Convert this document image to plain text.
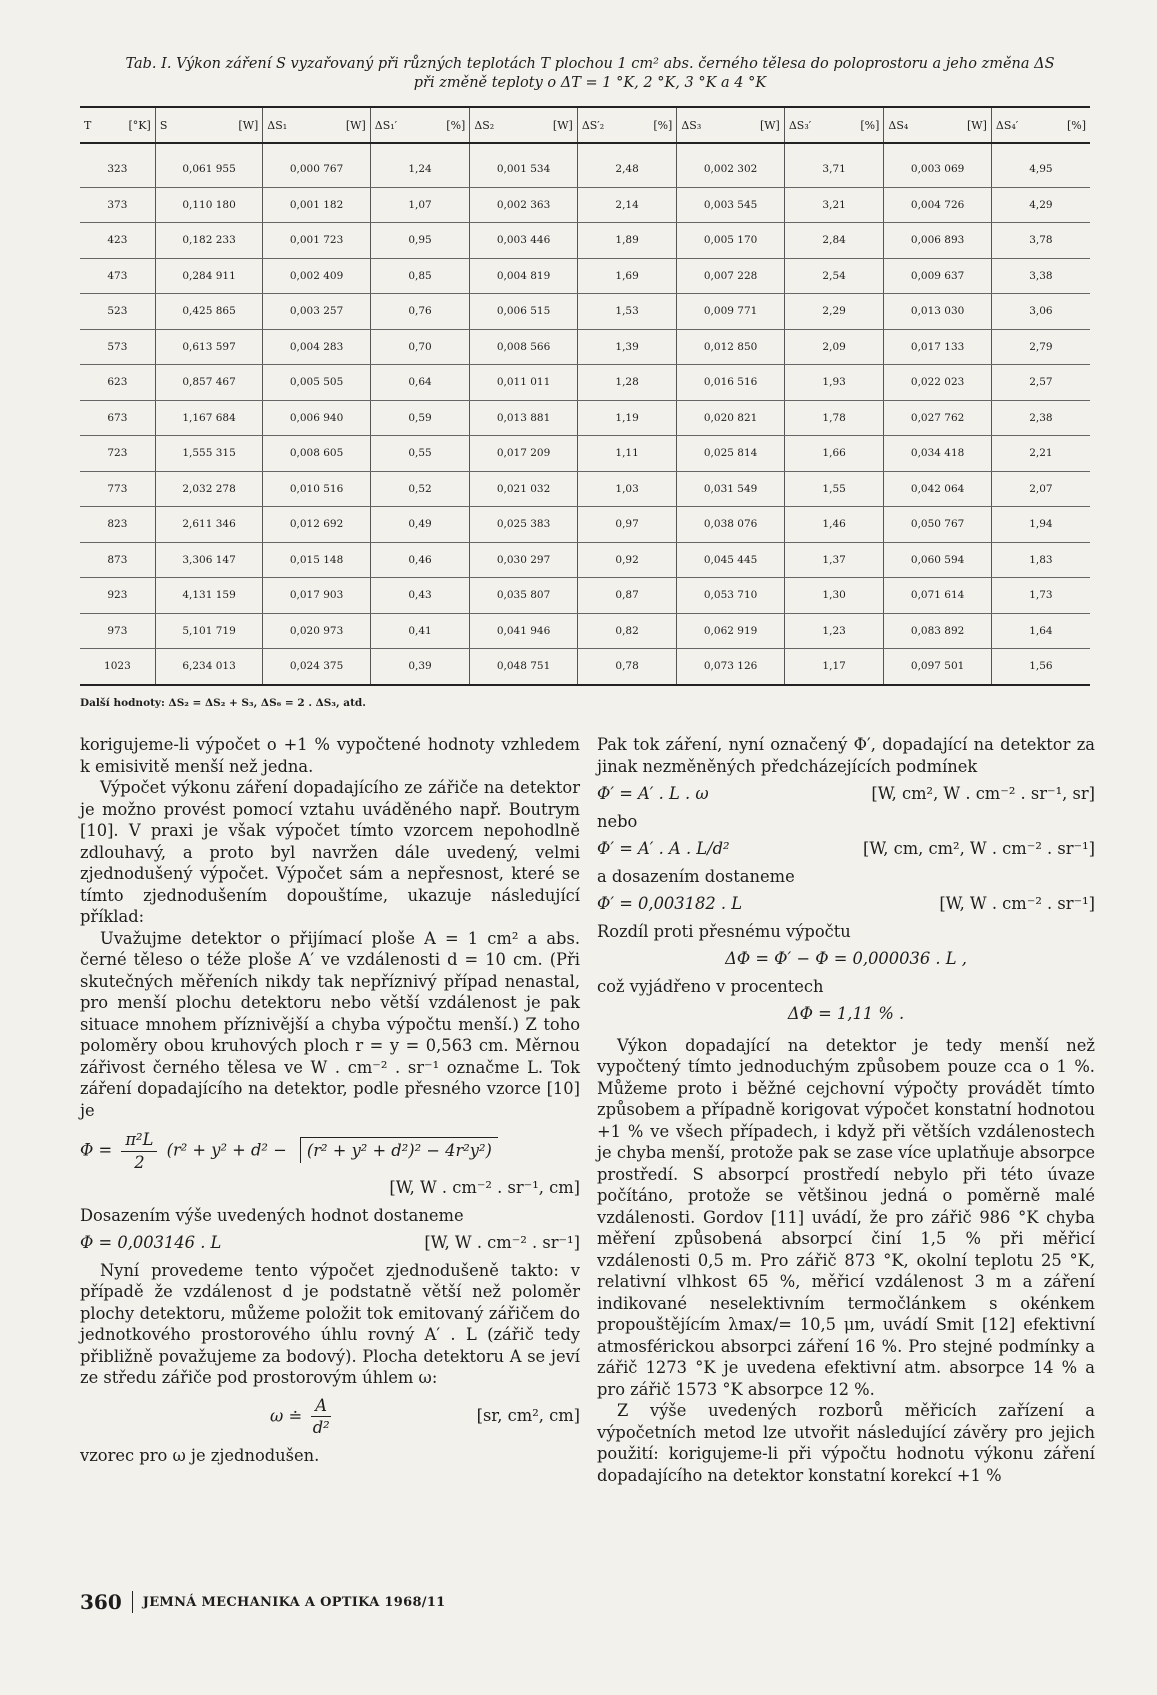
Tab. I. Výkon záření S vyzařovaný při různých teplotách T plochou 1 cm² abs. černého tělesa do poloprostoru a jeho změna ΔS
při změně teploty o ΔT = 1 °K, 2 °K, 3 °K a 4 °K
T [°K]	S [W]	ΔS₁ [W]	ΔS₁′ [%]	ΔS₂ [W]	ΔS′₂ [%]	ΔS₃ [W]	ΔS₃′ [%]	ΔS₄ [W]	ΔS₄′ [%]

323	0,061 955	0,000 767	1,24	0,001 534	2,48	0,002 302	3,71	0,003 069	4,95
373	0,110 180	0,001 182	1,07	0,002 363	2,14	0,003 545	3,21	0,004 726	4,29
423	0,182 233	0,001 723	0,95	0,003 446	1,89	0,005 170	2,84	0,006 893	3,78
473	0,284 911	0,002 409	0,85	0,004 819	1,69	0,007 228	2,54	0,009 637	3,38
523	0,425 865	0,003 257	0,76	0,006 515	1,53	0,009 771	2,29	0,013 030	3,06
573	0,613 597	0,004 283	0,70	0,008 566	1,39	0,012 850	2,09	0,017 133	2,79
623	0,857 467	0,005 505	0,64	0,011 011	1,28	0,016 516	1,93	0,022 023	2,57
673	1,167 684	0,006 940	0,59	0,013 881	1,19	0,020 821	1,78	0,027 762	2,38
723	1,555 315	0,008 605	0,55	0,017 209	1,11	0,025 814	1,66	0,034 418	2,21
773	2,032 278	0,010 516	0,52	0,021 032	1,03	0,031 549	1,55	0,042 064	2,07
823	2,611 346	0,012 692	0,49	0,025 383	0,97	0,038 076	1,46	0,050 767	1,94
873	3,306 147	0,015 148	0,46	0,030 297	0,92	0,045 445	1,37	0,060 594	1,83
923	4,131 159	0,017 903	0,43	0,035 807	0,87	0,053 710	1,30	0,071 614	1,73
973	5,101 719	0,020 973	0,41	0,041 946	0,82	0,062 919	1,23	0,083 892	1,64
1023	6,234 013	0,024 375	0,39	0,048 751	0,78	0,073 126	1,17	0,097 501	1,56
Další hodnoty: ΔS₂ = ΔS₂ + S₃, ΔS₆ = 2 . ΔS₃, atd.

korigujeme-li výpočet o +1 % vypočtené hodnoty vzhledem k emisivitě menší než jedna.

Výpočet výkonu záření dopadajícího ze zářiče na detektor je možno provést pomocí vztahu uváděného např. Boutrym [10]. V praxi je však výpočet tímto vzorcem nepohodlně zdlouhavý, a proto byl navržen dále uvedený, velmi zjednodušený výpočet. Výpočet sám a nepřesnost, které se tímto zjednodušením dopouštíme, ukazuje následující příklad:

Uvažujme detektor o přijímací ploše A = 1 cm² a abs. černé těleso o téže ploše A′ ve vzdálenosti d = 10 cm. (Při skutečných měřeních nikdy tak nepříznivý případ nenastal, pro menší plochu detektoru nebo větší vzdálenost je pak situace mnohem příznivější a chyba výpočtu menší.) Z toho poloměry obou kruhových ploch r = y = 0,563 cm. Měrnou zářivost černého tělesa ve W . cm⁻² . sr⁻¹ označme L. Tok záření dopadajícího na detektor, podle přesného vzorce [10] je

$\Phi = \frac{\text{π²L}}{2} (r^2 + y^2 + d^2 - (r^2 + y^2 + d^2)^2 - 4r^2y^2)$
[W, W . cm⁻² . sr⁻¹, cm]

Dosazením výše uvedených hodnot dostaneme

Φ = 0,003146 . L	[W, W . cm⁻² . sr⁻¹]

Nyní provedeme tento výpočet zjednodušeně takto: v případě že vzdálenost d je podstatně větší než poloměr plochy detektoru, můžeme položit tok emitovaný zářičem do jednotkového prostorového úhlu rovný A′ . L (zářič tedy přibližně považujeme za bodový). Plocha detektoru A se jeví ze středu zářiče pod prostorovým úhlem ω:

ω ≐ $\frac{A}{\text{d²}}$	[sr, cm², cm]

vzorec pro ω je zjednodušen.

Pak tok záření, nyní označený Φ′, dopadající na detektor za jinak nezměněných předcházejících podmínek

Φ′ = A′ . L . ω	[W, cm², W . cm⁻² . sr⁻¹, sr]

nebo

Φ′ = A′ . A . L/d²	[W, cm, cm², W . cm⁻² . sr⁻¹]

a dosazením dostaneme

Φ′ = 0,003182 . L	[W, W . cm⁻² . sr⁻¹]

Rozdíl proti přesnému výpočtu

ΔΦ = Φ′ − Φ = 0,000036 . L ,

což vyjádřeno v procentech

ΔΦ = 1,11 % .

Výkon dopadající na detektor je tedy menší než vypočtený tímto jednoduchým způsobem pouze cca o 1 %. Můžeme proto i běžné cejchovní výpočty provádět tímto způsobem a případně korigovat výpočet konstatní hodnotou +1 % ve všech případech, i když při větších vzdálenostech je chyba menší, protože pak se zase více uplatňuje absorpce prostředí. S absorpcí prostředí nebylo při této úvaze počítáno, protože se většinou jedná o poměrně malé vzdálenosti. Gordov [11] uvádí, že pro zářič 986 °K chyba měření způsobená absorpcí činí 1,5 % při měřicí vzdálenosti 0,5 m. Pro zářič 873 °K, okolní teplotu 25 °K, relativní vlhkost 65 %, měřicí vzdálenost 3 m a záření indikované neselektivním termočlánkem s okénkem propouštějícím λmax/= 10,5 μm, uvádí Smit [12] efektivní atmosférickou absorpci záření 16 %. Pro stejné podmínky a zářič 1273 °K je uvedena efektivní atm. absorpce 14 % a pro zářič 1573 °K absorpce 12 %.

Z výše uvedených rozborů měřicích zařízení a výpočetních metod lze utvořit následující závěry pro jejich použití: korigujeme-li při výpočtu hodnotu výkonu záření dopadajícího na detektor konstatní korekcí +1 %

360 JEMNÁ MECHANIKA A OPTIKA 1968/11
